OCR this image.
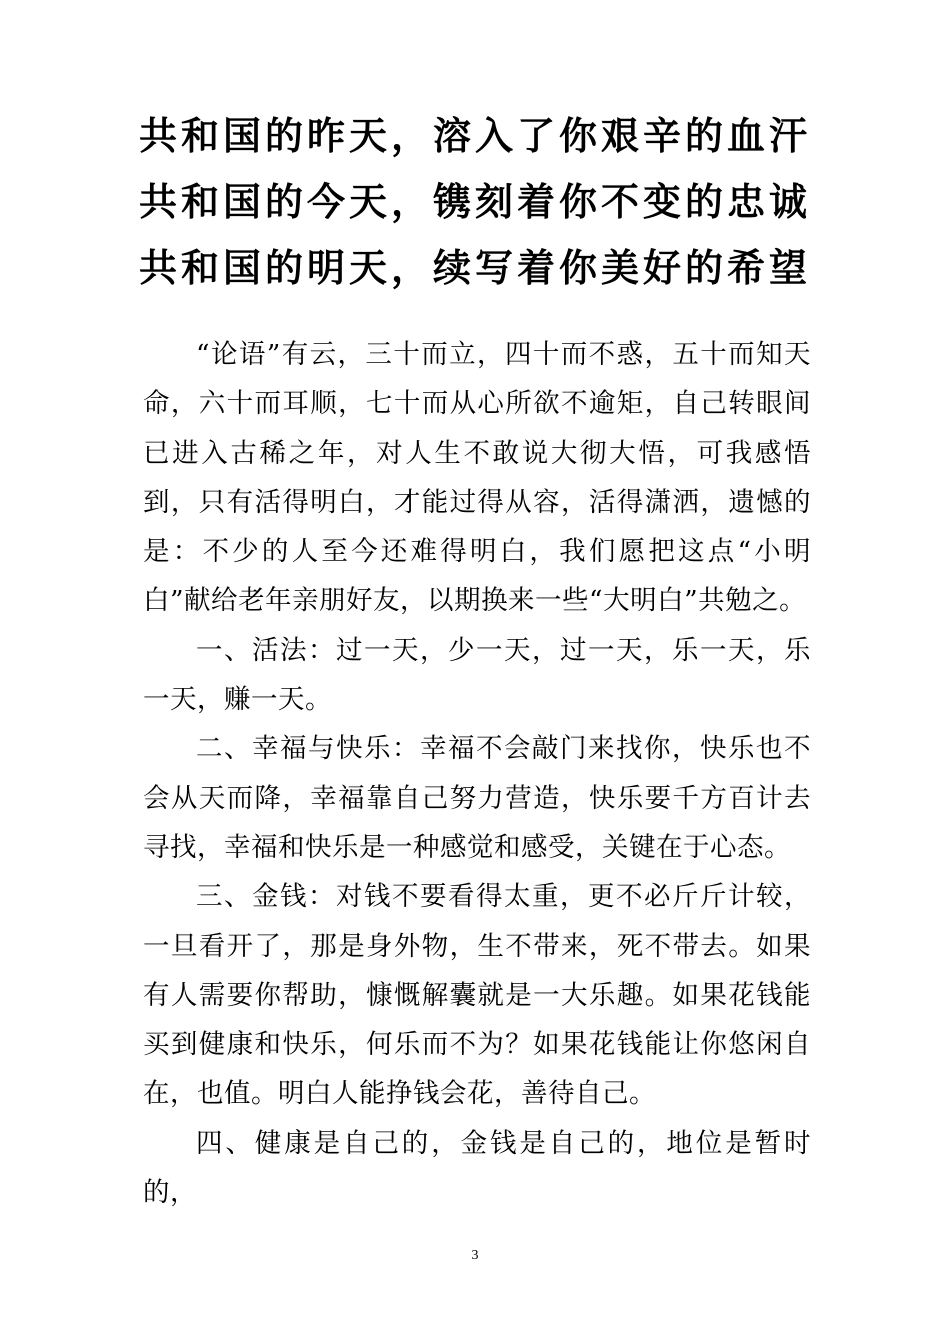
共和国的昨天，溶入了你艰辛的血汗

共和国的今天，镌刻着你不变的忠诚

共和国的明天，续写着你美好的希望

“论语”有云，三十而立，四十而不惑，五十而知天命，六十而耳顺，七十而从心所欲不逾矩，自己转眼间已进入古稀之年，对人生不敢说大彻大悟，可我感悟到，只有活得明白，才能过得从容，活得潇洒，遗憾的是：不少的人至今还难得明白，我们愿把这点“小明白”献给老年亲朋好友，以期换来一些“大明白”共勉之。

一、活法：过一天，少一天，过一天，乐一天，乐一天，赚一天。

二、幸福与快乐：幸福不会敲门来找你，快乐也不会从天而降，幸福靠自己努力营造，快乐要千方百计去寻找，幸福和快乐是一种感觉和感受，关键在于心态。

三、金钱：对钱不要看得太重，更不必斤斤计较，一旦看开了，那是身外物，生不带来，死不带去。如果有人需要你帮助，慷慨解囊就是一大乐趣。如果花钱能买到健康和快乐，何乐而不为？如果花钱能让你悠闲自在，也值。明白人能挣钱会花，善待自己。

四、健康是自己的，金钱是自己的，地位是暂时的，

3
